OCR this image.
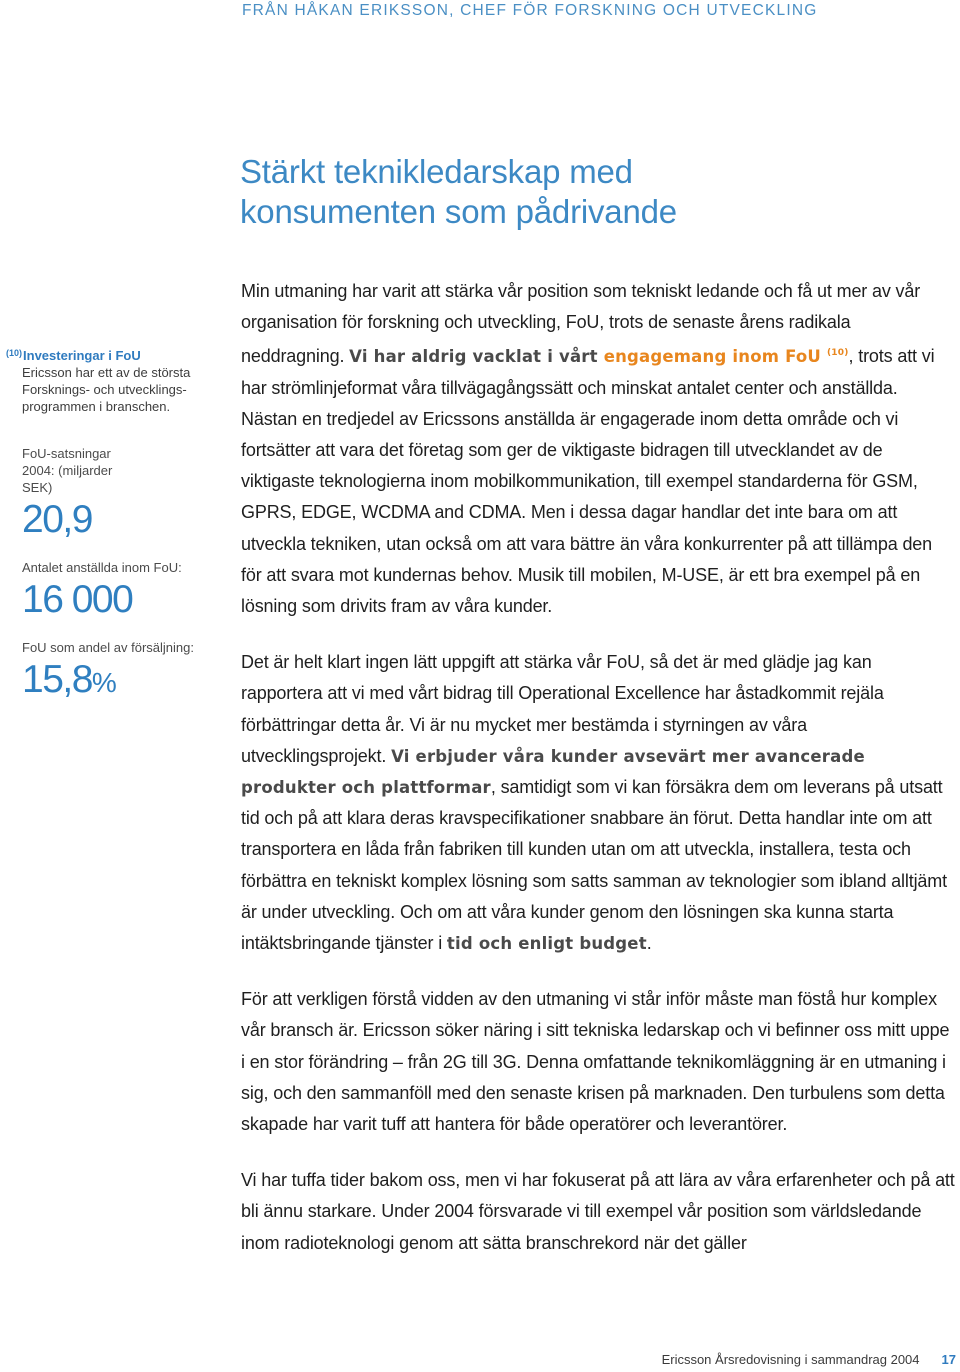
FRÅN HÅKAN ERIKSSON, CHEF FÖR FORSKNING OCH UTVECKLING
Stärkt teknikledarskap med
konsumenten som pådrivande
$^{(10)}$Investeringar i FoU
Ericsson har ett av de största Forsknings- och utvecklingsprogrammen i branschen.
FoU-satsningar 2004: (miljarder SEK)
20,9
Antalet anställda inom FoU:
16 000
FoU som andel av försäljning:
15,8%

Min utmaning har varit att stärka vår position som tekniskt ledande och få ut mer av vår organisation för forskning och utveckling, FoU, trots de senaste årens radikala neddragning. Vi har aldrig vacklat i vårt engagemang inom FoU $^{(10)}$, trots att vi har strömlinjeformat våra tillvägagångssätt och minskat antalet center och anställda. Nästan en tredjedel av Ericssons anställda är engagerade inom detta område och vi fortsätter att vara det företag som ger de viktigaste bidragen till utvecklandet av de viktigaste teknologierna inom mobilkommunikation, till exempel standarderna för GSM, GPRS, EDGE, WCDMA and CDMA. Men i dessa dagar handlar det inte bara om att utveckla tekniken, utan också om att vara bättre än våra konkurrenter på att tillämpa den för att svara mot kundernas behov. Musik till mobilen, M-USE, är ett bra exempel på en lösning som drivits fram av våra kunder.

Det är helt klart ingen lätt uppgift att stärka vår FoU, så det är med glädje jag kan rapportera att vi med vårt bidrag till Operational Excellence har åstadkommit rejäla förbättringar detta år. Vi är nu mycket mer bestämda i styrningen av våra utvecklingsprojekt. Vi erbjuder våra kunder avsevärt mer avancerade produkter och plattformar, samtidigt som vi kan försäkra dem om leverans på utsatt tid och på att klara deras kravspecifikationer snabbare än förut. Detta handlar inte om att transportera en låda från fabriken till kunden utan om att utveckla, installera, testa och förbättra en tekniskt komplex lösning som satts samman av teknologier som ibland alltjämt är under utveckling. Och om att våra kunder genom den lösningen ska kunna starta intäktsbringande tjänster i tid och enligt budget.

För att verkligen förstå vidden av den utmaning vi står inför måste man föstå hur komplex vår bransch är. Ericsson söker näring i sitt tekniska ledarskap och vi befinner oss mitt uppe i en stor förändring – från 2G till 3G. Denna omfattande teknikomläggning är en utmaning i sig, och den sammanföll med den senaste krisen på marknaden. Den turbulens som detta skapade har varit tuff att hantera för både operatörer och leverantörer.

Vi har tuffa tider bakom oss, men vi har fokuserat på att lära av våra erfarenheter och på att bli ännu starkare. Under 2004 försvarade vi till exempel vår position som världsledande inom radioteknologi genom att sätta branschrekord när det gäller

Ericsson Årsredovisning i sammandrag 2004 17
